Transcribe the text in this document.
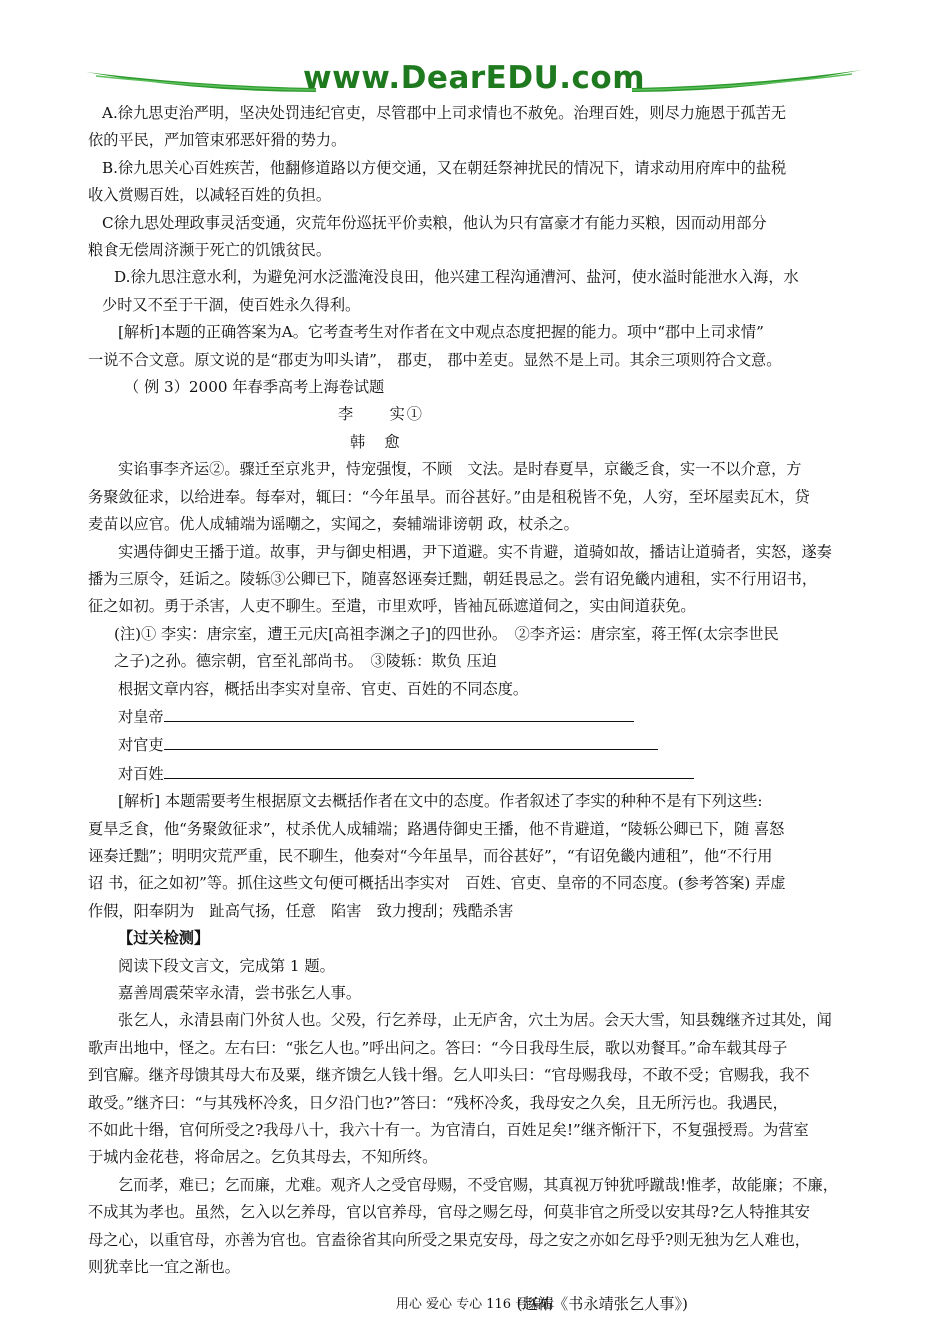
www.DearEDU.com

A.徐九思吏治严明，坚决处罚违纪官吏，尽管郡中上司求情也不赦免。治理百姓，则尽力施恩于孤苦无

依的平民，严加管束邪恶奸猾的势力。

B.徐九思关心百姓疾苦，他翻修道路以方便交通，又在朝廷祭神扰民的情况下，请求动用府库中的盐税

收入赏赐百姓，以减轻百姓的负担。

C徐九思处理政事灵活变通，灾荒年份巡抚平价卖粮，他认为只有富豪才有能力买粮，因而动用部分

粮食无偿周济濒于死亡的饥饿贫民。

D.徐九思注意水利，为避免河水泛滥淹没良田，他兴建工程沟通漕河、盐河，使水溢时能泄水入海，水

少时又不至于干涸，使百姓永久得利。

[解析]本题的正确答案为A。它考查考生对作者在文中观点态度把握的能力。项中“郡中上司求情”

一说不合文意。原文说的是“郡吏为叩头请”， 郡吏， 郡中差吏。显然不是上司。其余三项则符合文意。

（ 例 3）2000 年春季高考上海卷试题

李　　实①

韩　愈

实谄事李齐运②。骤迁至京兆尹，恃宠强愎，不顾　文法。是时春夏旱，京畿乏食，实一不以介意，方

务聚敛征求，以给进奉。每奉对，辄曰：“今年虽旱。而谷甚好。”由是租税皆不免，人穷，至坏屋卖瓦木，贷

麦苗以应官。优人成辅端为谣嘲之，实闻之，奏辅端诽谤朝 政，杖杀之。

实遇侍御史王播于道。故事，尹与御史相遇，尹下道避。实不肯避，道骑如故，播诘让道骑者，实怒，遂奏

播为三原令，廷诟之。陵轹③公卿已下，随喜怒诬奏迁黜，朝廷畏忌之。尝有诏免畿内逋租，实不行用诏书，

征之如初。勇于杀害，人吏不聊生。至遣，市里欢呼，皆袖瓦砾遮道伺之，实由间道获免。

(注)① 李实：唐宗室，遭王元庆[高祖李渊之子]的四世孙。　②李齐运：唐宗室，蒋王恽(太宗李世民

之子)之孙。德宗朝，官至礼部尚书。　③陵轹：欺负 压迫

根据文章内容，概括出李实对皇帝、官吏、百姓的不同态度。

对皇帝

对官吏

对百姓

[解析] 本题需要考生根据原文去概括作者在文中的态度。作者叙述了李实的种种不是有下列这些:

夏旱乏食，他“务聚敛征求”，杖杀优人成辅端；路遇侍御史王播，他不肯避道，“陵轹公卿已下，随 喜怒

诬奏迁黜”；明明灾荒严重，民不聊生，他奏对“今年虽旱，而谷甚好”，“有诏免畿内逋租”，他“不行用

诏 书，征之如初”等。抓住这些文句便可概括出李实对　百姓、官吏、皇帝的不同态度。(参考答案) 弄虚

作假，阳奉阴为　趾高气扬，任意　陷害　致力搜刮；残酷杀害

【过关检测】

阅读下段文言文，完成第 1 题。

嘉善周震荣宰永清，尝书张乞人事。

张乞人，永清县南门外贫人也。父殁，行乞养母，止无庐舍，穴土为居。会天大雪，知县魏继齐过其处，闻

歌声出地中，怪之。左右曰：“张乞人也。”呼出问之。答曰：“今日我母生辰，歌以劝餐耳。”命车载其母子

到官廨。继齐母馈其母大布及粟，继齐馈乞人钱十缗。乞人叩头曰：“官母赐我母，不敢不受；官赐我，我不

敢受。”继齐曰：“与其残杯冷炙，日夕沿门也?”答曰：“残杯冷炙，我母安之久矣，且无所污也。我遇民，

不如此十缗，官何所受之?我母八十，我六十有一。为官清白，百姓足矣!”继齐惭汗下，不复强授焉。为营室

于城内金花巷，将命居之。乞负其母去，不知所终。

乞而孝，难已；乞而廉，尤难。观齐人之受官母赐，不受官赐，其真视万钟犹呼蹴哉!惟孝，故能廉；不廉，

不成其为孝也。虽然，乞入以乞养母，官以官养母，官母之赐乞母，何莫非官之所受以安其母?乞人特推其安

母之心，以重官母，亦善为官也。官盍徐省其向所受之果克安母，母之安之亦如乞母乎?则无独为乞人难也，

则犹幸比一宜之渐也。

(赵祐《书永靖张乞人事》)

用心 爱心 专心 116 号编辑
